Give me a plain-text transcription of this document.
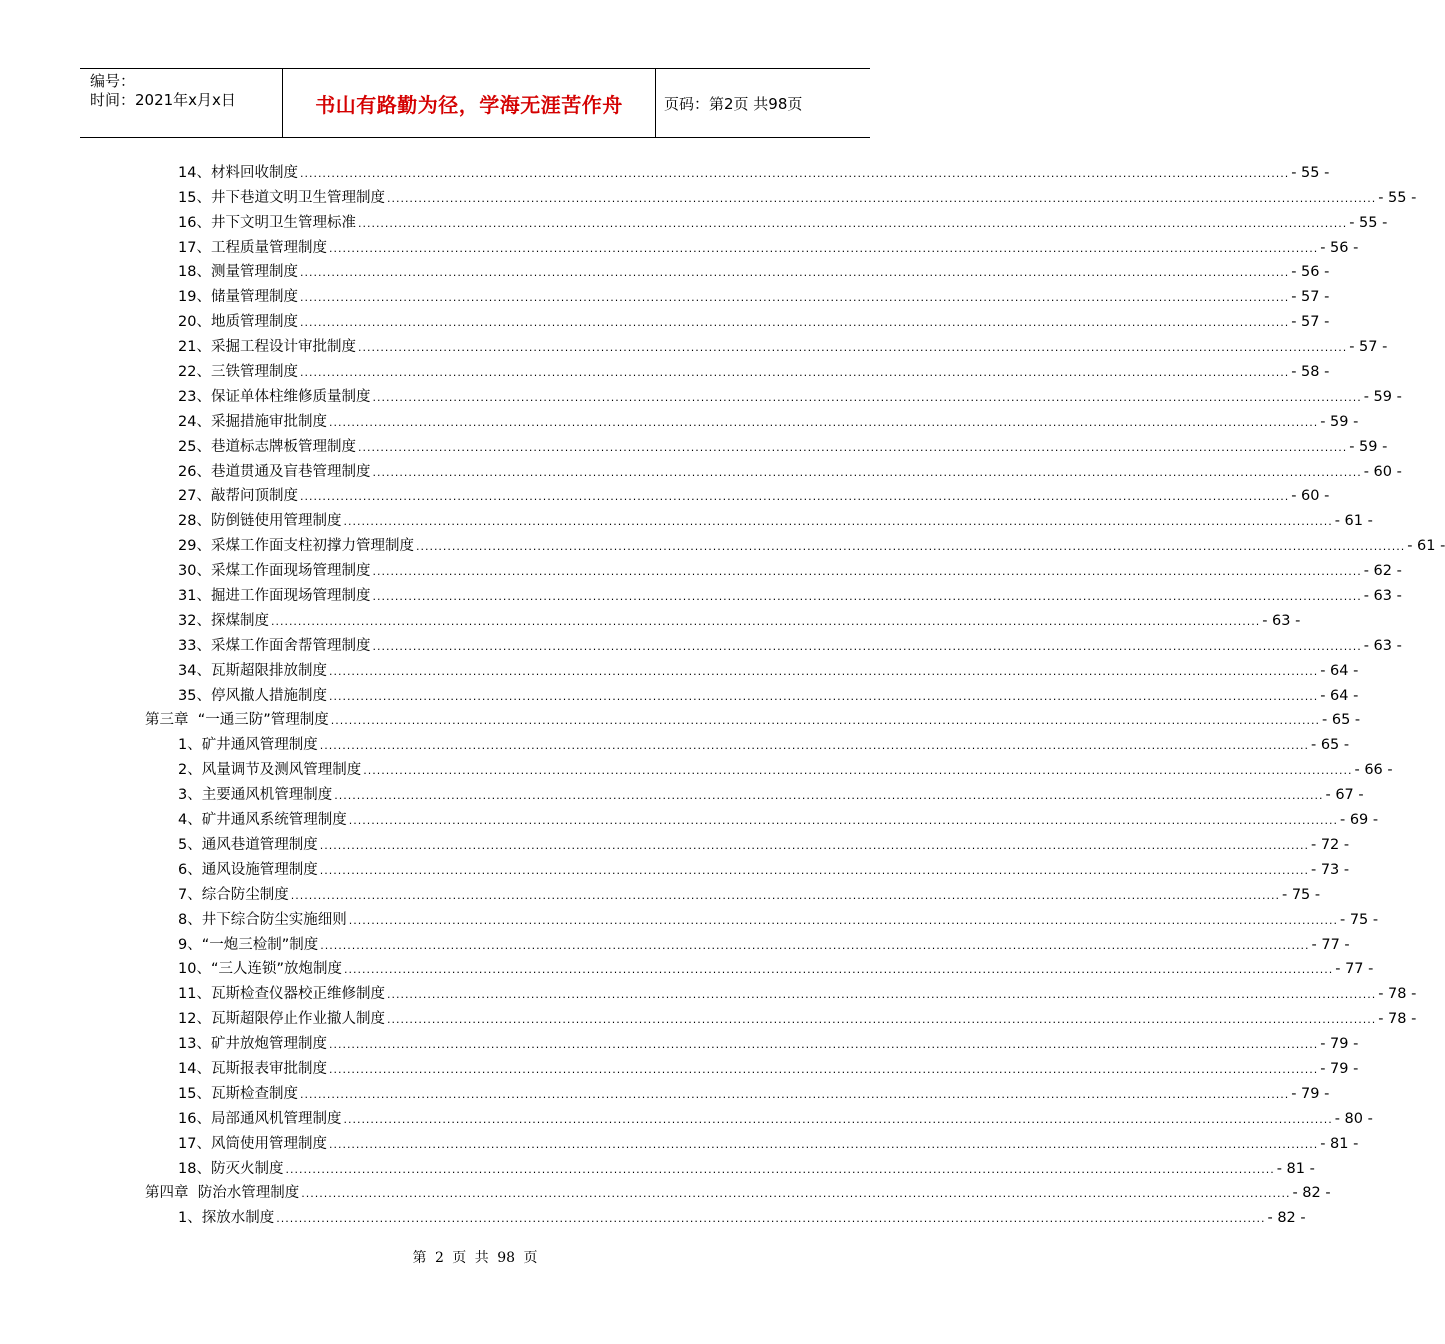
编号：
时间：2021年x月x日	书山有路勤为径，学海无涯苦作舟	页码：第2页 共98页
14、材料回收制度 ............................................................................................................................................................................................................................ - 55 -
15、井下巷道文明卫生管理制度 ............................................................................................................................................................................................................................ - 55 -
16、井下文明卫生管理标准 ............................................................................................................................................................................................................................ - 55 -
17、工程质量管理制度 ............................................................................................................................................................................................................................ - 56 -
18、测量管理制度 ............................................................................................................................................................................................................................ - 56 -
19、储量管理制度 ............................................................................................................................................................................................................................ - 57 -
20、地质管理制度 ............................................................................................................................................................................................................................ - 57 -
21、采掘工程设计审批制度 ............................................................................................................................................................................................................................ - 57 -
22、三铁管理制度 ............................................................................................................................................................................................................................ - 58 -
23、保证单体柱维修质量制度 ............................................................................................................................................................................................................................ - 59 -
24、采掘措施审批制度 ............................................................................................................................................................................................................................ - 59 -
25、巷道标志牌板管理制度 ............................................................................................................................................................................................................................ - 59 -
26、巷道贯通及盲巷管理制度 ............................................................................................................................................................................................................................ - 60 -
27、敲帮问顶制度 ............................................................................................................................................................................................................................ - 60 -
28、防倒链使用管理制度 ............................................................................................................................................................................................................................ - 61 -
29、采煤工作面支柱初撑力管理制度 ............................................................................................................................................................................................................................ - 61 -
30、采煤工作面现场管理制度 ............................................................................................................................................................................................................................ - 62 -
31、掘进工作面现场管理制度 ............................................................................................................................................................................................................................ - 63 -
32、探煤制度 ............................................................................................................................................................................................................................ - 63 -
33、采煤工作面舍帮管理制度 ............................................................................................................................................................................................................................ - 63 -
34、瓦斯超限排放制度 ............................................................................................................................................................................................................................ - 64 -
35、停风撤人措施制度 ............................................................................................................................................................................................................................ - 64 -
第三章  “一通三防”管理制度 ............................................................................................................................................................................................................................ - 65 -
1、矿井通风管理制度 ............................................................................................................................................................................................................................ - 65 -
2、风量调节及测风管理制度 ............................................................................................................................................................................................................................ - 66 -
3、主要通风机管理制度 ............................................................................................................................................................................................................................ - 67 -
4、矿井通风系统管理制度 ............................................................................................................................................................................................................................ - 69 -
5、通风巷道管理制度 ............................................................................................................................................................................................................................ - 72 -
6、通风设施管理制度 ............................................................................................................................................................................................................................ - 73 -
7、综合防尘制度 ............................................................................................................................................................................................................................ - 75 -
8、井下综合防尘实施细则 ............................................................................................................................................................................................................................ - 75 -
9、“一炮三检制”制度 ............................................................................................................................................................................................................................ - 77 -
10、“三人连锁”放炮制度 ............................................................................................................................................................................................................................ - 77 -
11、瓦斯检查仪器校正维修制度 ............................................................................................................................................................................................................................ - 78 -
12、瓦斯超限停止作业撤人制度 ............................................................................................................................................................................................................................ - 78 -
13、矿井放炮管理制度 ............................................................................................................................................................................................................................ - 79 -
14、瓦斯报表审批制度 ............................................................................................................................................................................................................................ - 79 -
15、瓦斯检查制度 ............................................................................................................................................................................................................................ - 79 -
16、局部通风机管理制度 ............................................................................................................................................................................................................................ - 80 -
17、风筒使用管理制度 ............................................................................................................................................................................................................................ - 81 -
18、防灭火制度 ............................................................................................................................................................................................................................ - 81 -
第四章  防治水管理制度 ............................................................................................................................................................................................................................ - 82 -
1、探放水制度 ............................................................................................................................................................................................................................ - 82 -
第 2 页 共 98 页
